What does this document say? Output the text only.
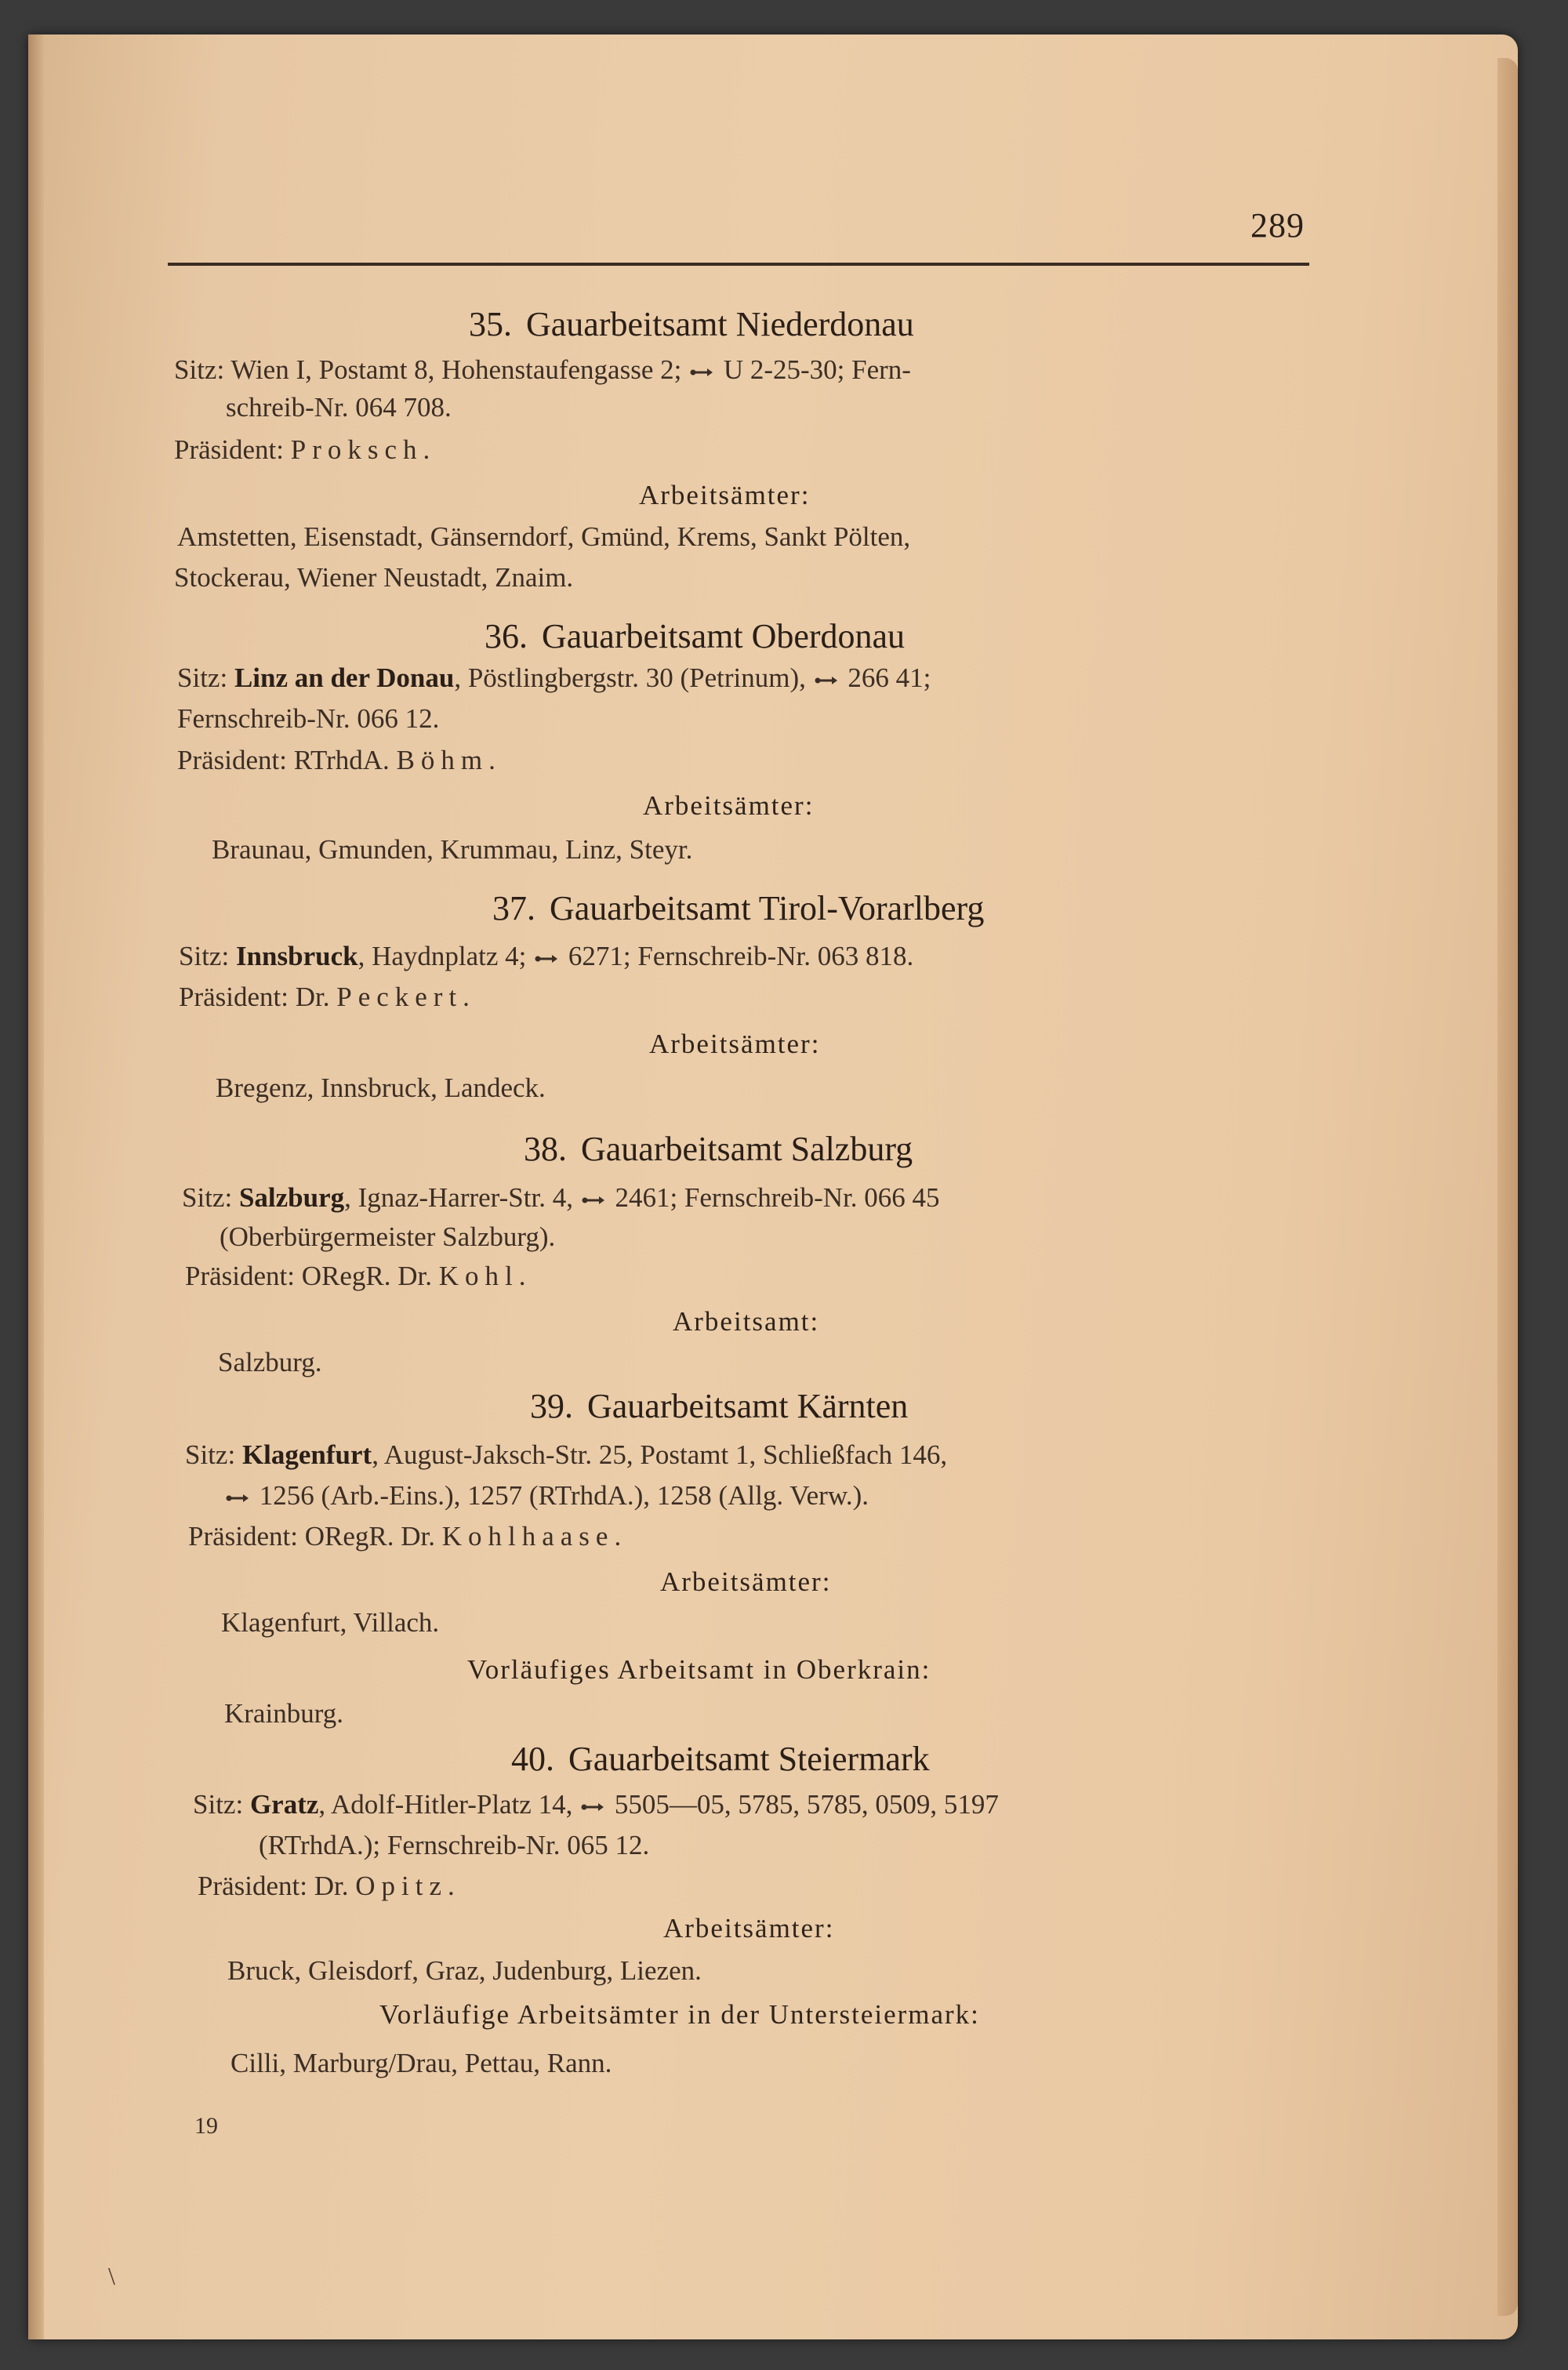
289
35. Gauarbeitsamt Niederdonau
Sitz: Wien I, Postamt 8, Hohenstaufengasse 2; U 2-25-30; Fern-
schreib-Nr. 064 708.
Präsident: Proksch.
Arbeitsämter:
Amstetten, Eisenstadt, Gänserndorf, Gmünd, Krems, Sankt Pölten,
Stockerau, Wiener Neustadt, Znaim.
36. Gauarbeitsamt Oberdonau
Sitz: Linz an der Donau, Pöstlingbergstr. 30 (Petrinum), 266 41;
Fernschreib-Nr. 066 12.
Präsident: RTrhdA. Böhm.
Arbeitsämter:
Braunau, Gmunden, Krummau, Linz, Steyr.
37. Gauarbeitsamt Tirol-Vorarlberg
Sitz: Innsbruck, Haydnplatz 4; 6271; Fernschreib-Nr. 063 818.
Präsident: Dr. Peckert.
Arbeitsämter:
Bregenz, Innsbruck, Landeck.
38. Gauarbeitsamt Salzburg
Sitz: Salzburg, Ignaz-Harrer-Str. 4, 2461; Fernschreib-Nr. 066 45
(Oberbürgermeister Salzburg).
Präsident: ORegR. Dr. Kohl.
Arbeitsamt:
Salzburg.
39. Gauarbeitsamt Kärnten
Sitz: Klagenfurt, August-Jaksch-Str. 25, Postamt 1, Schließfach 146,
1256 (Arb.-Eins.), 1257 (RTrhdA.), 1258 (Allg. Verw.).
Präsident: ORegR. Dr. Kohlhaase.
Arbeitsämter:
Klagenfurt, Villach.
Vorläufiges Arbeitsamt in Oberkrain:
Krainburg.
40. Gauarbeitsamt Steiermark
Sitz: Gratz, Adolf-Hitler-Platz 14, 5505—05, 5785, 5785, 0509, 5197
(RTrhdA.); Fernschreib-Nr. 065 12.
Präsident: Dr. Opitz.
Arbeitsämter:
Bruck, Gleisdorf, Graz, Judenburg, Liezen.
Vorläufige Arbeitsämter in der Untersteiermark:
Cilli, Marburg/Drau, Pettau, Rann.
19
\
